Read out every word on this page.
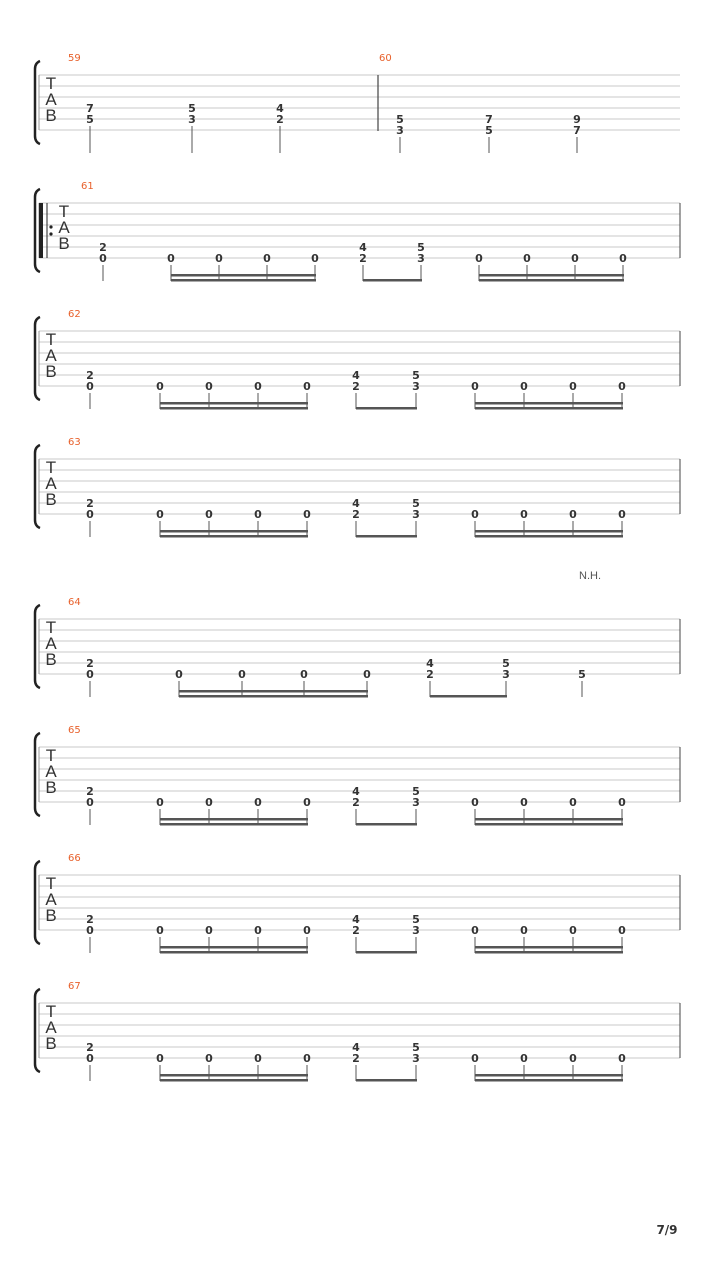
T
A
B
59	60
7
5
5
3
4
2	5
3
7
5
9
7
T
A
B
61
2
0	0	0	0	0
4
2
5
3	0	0	0	0
T
A
B
62
2
0	0	0	0	0
4
2
5
3	0	0	0	0
T
A
B
63
2
0	0	0	0	0
4
2
5
3	0	0	0	0
T
A
B
64
N.H.
2
0	0	0	0	0
4
2
5
3	5
T
A
B
65
2
0	0	0	0	0
4
2
5
3	0	0	0	0
T
A
B
66
2
0	0	0	0	0
4
2
5
3	0	0	0	0
T
A
B
67
2
0	0	0	0	0
4
2
5
3	0	0	0	0
7/9
